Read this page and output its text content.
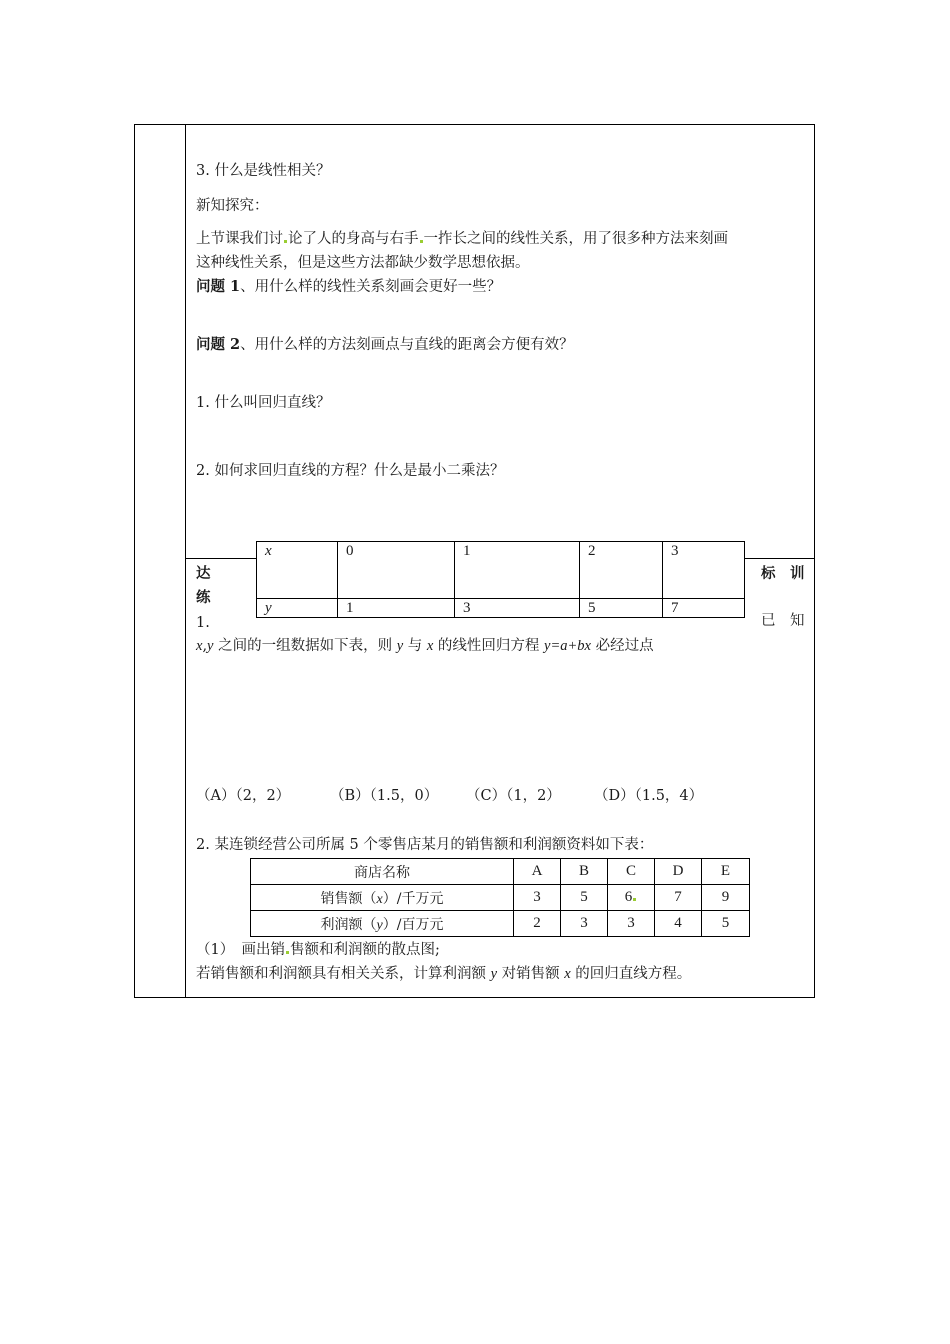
3. 什么是线性相关？
新知探究：
上节课我们讨 论了人的身高与右手 一拃长之间的线性关系，用了很多种方法来刻画
这种线性关系，但是这些方法都缺少数学思想依据。
问题 1、用什么样的线性关系刻画会更好一些？
问题 2、用什么样的方法刻画点与直线的距离会方便有效？
1. 什么叫回归直线？
2. 如何求回归直线的方程？什么是最小二乘法？
达
练
标　训
已　知
x	0	1	2	3
y	1	3	5	7
1.
x,y 之间的一组数据如下表，则 y 与 x 的线性回归方程 y=a+bx 必经过点
（A）（2，2）	（B）（1.5，0） （C）（1，2） （D）（1.5，4）
2. 某连锁经营公司所属 5 个零售店某月的销售额和利润额资料如下表：
商店名称	A	B	C	D	E
销售额（x）/千万元	3	5	6	7	9
利润额（y）/百万元	2	3	3	4	5
（1）　画出销 售额和利润额的散点图;
若销售额和利润额具有相关关系，计算利润额 y 对销售额 x 的回归直线方程。
